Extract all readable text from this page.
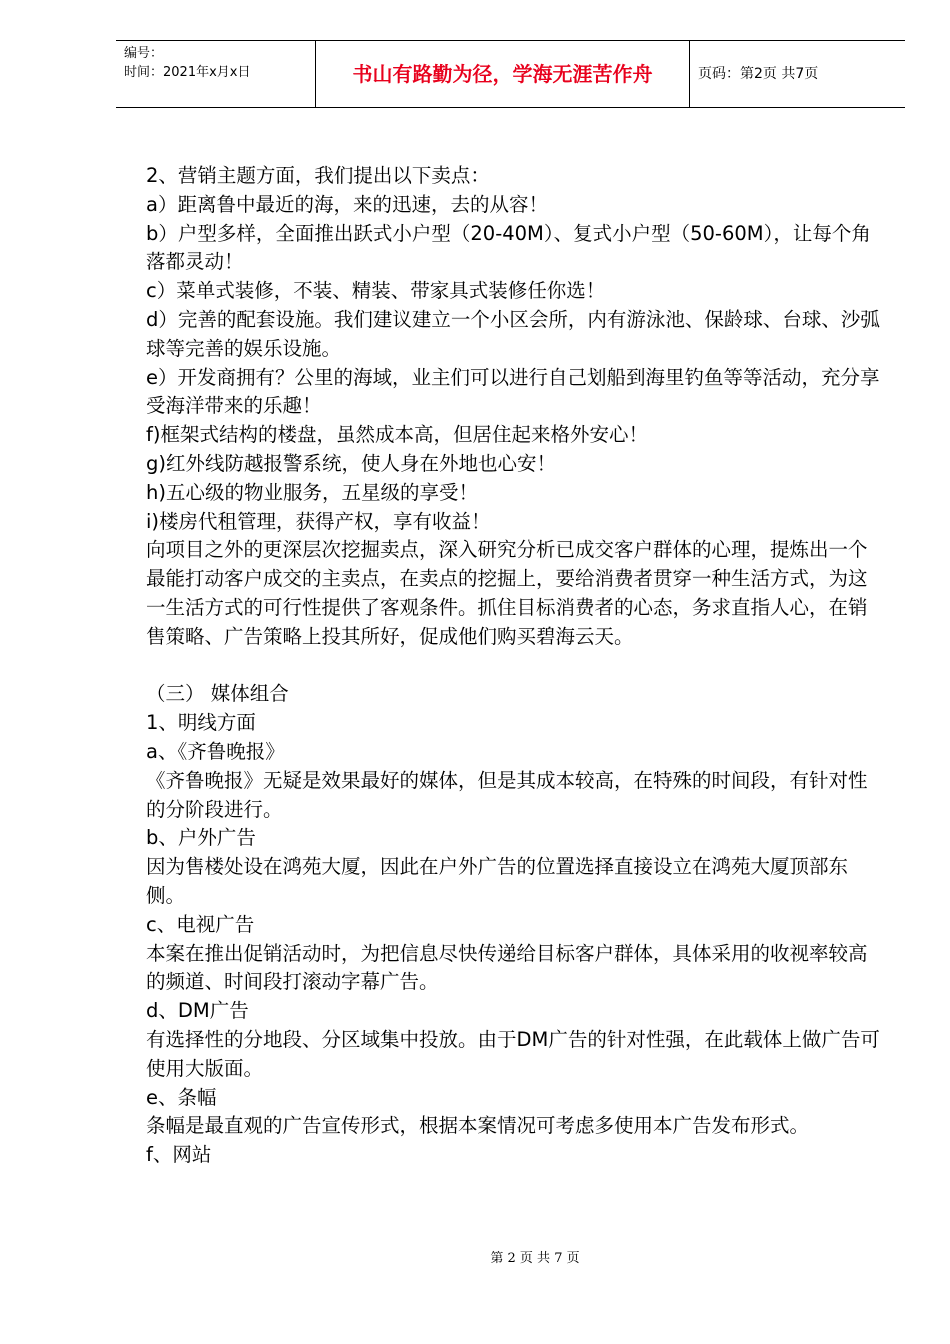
编号：
时间：2021年x月x日	书山有路勤为径，学海无涯苦作舟	页码：第2页 共7页

2、营销主题方面，我们提出以下卖点：

a）距离鲁中最近的海，来的迅速，去的从容！

b）户型多样，全面推出跃式小户型（20-40M）、复式小户型（50-60M），让每个角落都灵动！

c）菜单式装修，不装、精装、带家具式装修任你选！

d）完善的配套设施。我们建议建立一个小区会所，内有游泳池、保龄球、台球、沙弧球等完善的娱乐设施。

e）开发商拥有？公里的海域，业主们可以进行自己划船到海里钓鱼等等活动，充分享受海洋带来的乐趣！

f)框架式结构的楼盘，虽然成本高，但居住起来格外安心！

g)红外线防越报警系统，使人身在外地也心安！

h)五心级的物业服务，五星级的享受！

i)楼房代租管理，获得产权，享有收益！

向项目之外的更深层次挖掘卖点，深入研究分析已成交客户群体的心理，提炼出一个最能打动客户成交的主卖点，在卖点的挖掘上，要给消费者贯穿一种生活方式，为这一生活方式的可行性提供了客观条件。抓住目标消费者的心态，务求直指人心，在销售策略、广告策略上投其所好，促成他们购买碧海云天。

（三） 媒体组合

1、明线方面

a、《齐鲁晚报》

《齐鲁晚报》无疑是效果最好的媒体，但是其成本较高，在特殊的时间段，有针对性的分阶段进行。

b、户外广告

因为售楼处设在鸿苑大厦，因此在户外广告的位置选择直接设立在鸿苑大厦顶部东侧。

c、电视广告

本案在推出促销活动时，为把信息尽快传递给目标客户群体，具体采用的收视率较高的频道、时间段打滚动字幕广告。

d、DM广告

有选择性的分地段、分区域集中投放。由于DM广告的针对性强，在此载体上做广告可使用大版面。

e、条幅

条幅是最直观的广告宣传形式，根据本案情况可考虑多使用本广告发布形式。

f、网站

第 2 页 共 7 页
